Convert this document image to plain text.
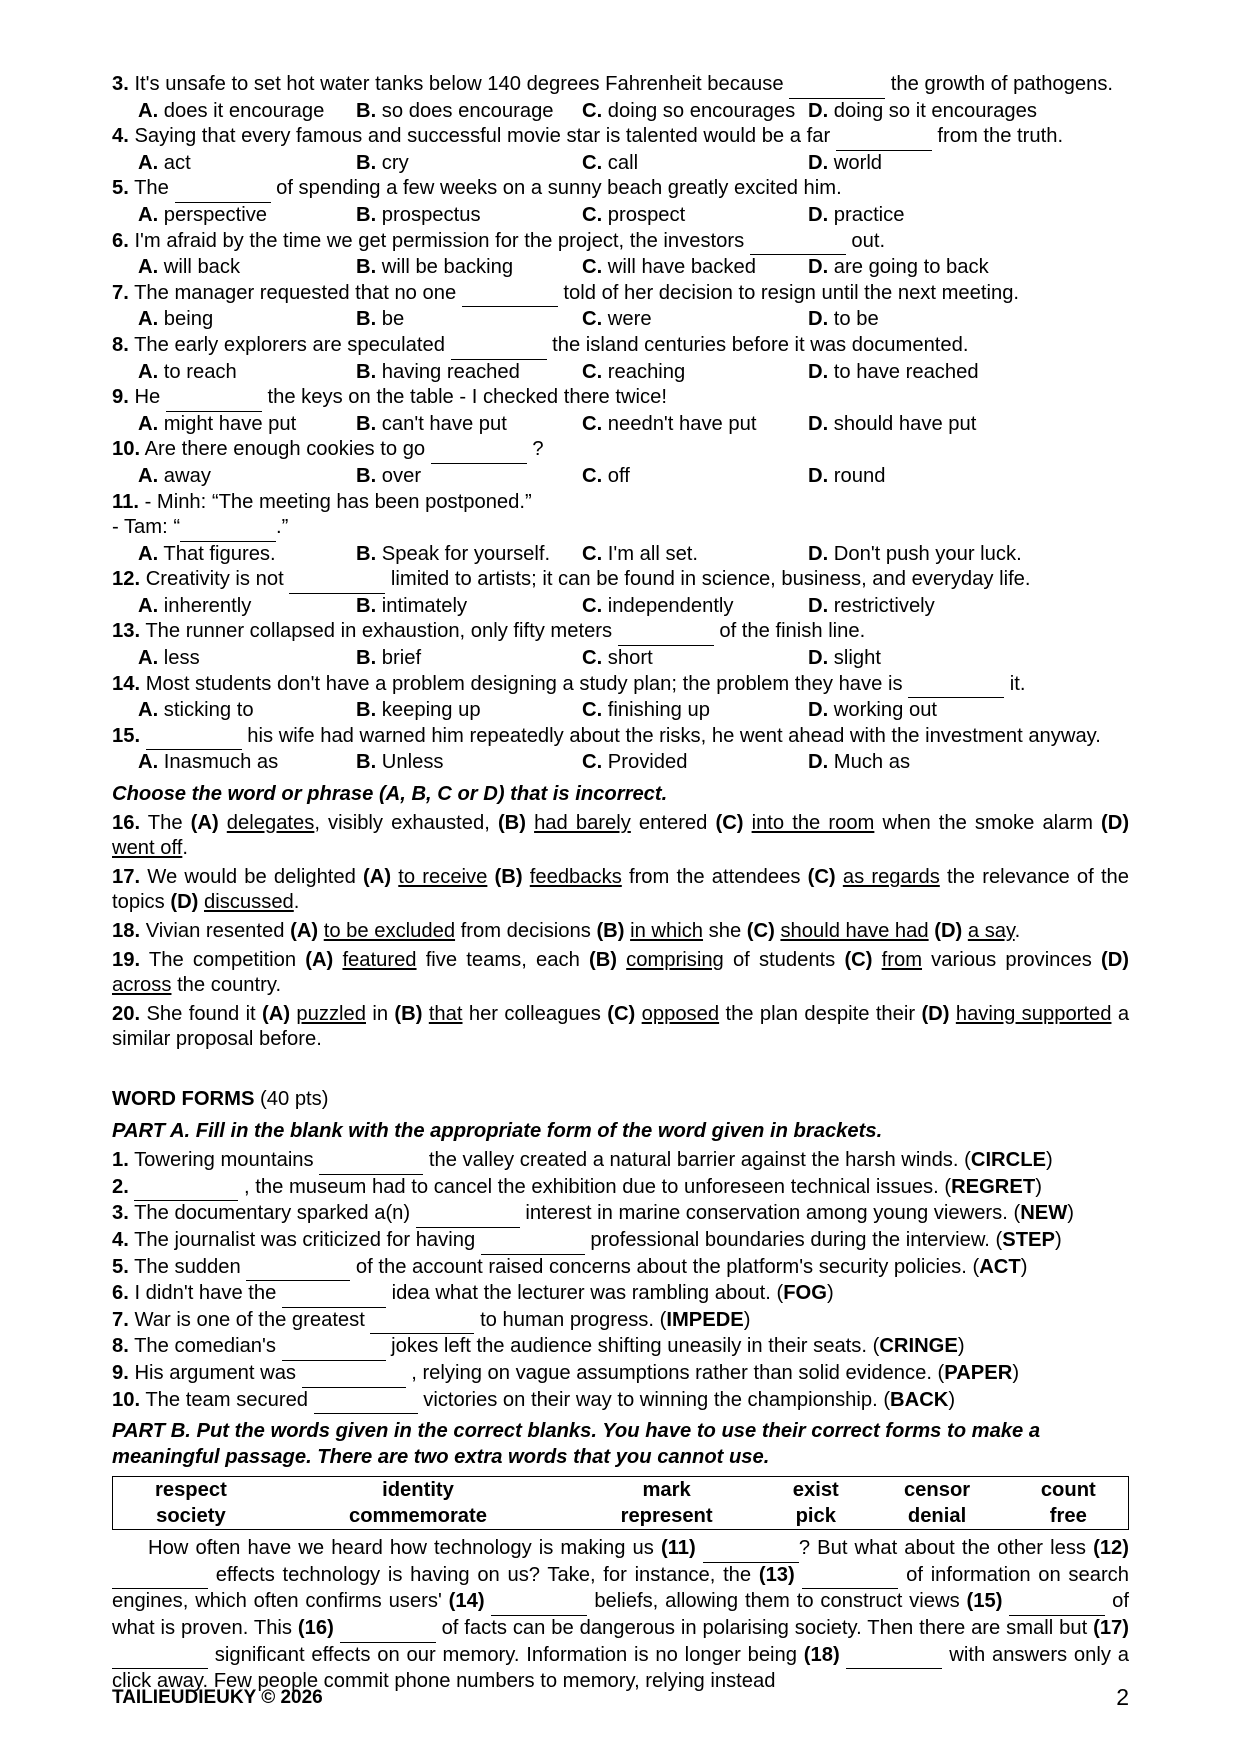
3. It's unsafe to set hot water tanks below 140 degrees Fahrenheit because	the growth of pathogens.
A. does it encourage	B. so does encourage	C. doing so encourages D. doing so it encourages
4. Saying that every famous and successful movie star is talented would be a far	from the truth.
A. act	B. cry	C. call	D. world
5. The	of spending a few weeks on a sunny beach greatly excited him.
A. perspective	B. prospectus	C. prospect	D. practice
6. I'm afraid by the time we get permission for the project, the investors	out.
A. will back	B. will be backing	C. will have backed	D. are going to back
7. The manager requested that no one	told of her decision to resign until the next meeting.
A. being	B. be	C. were	D. to be
8. The early explorers are speculated	the island centuries before it was documented.
A. to reach	B. having reached	C. reaching	D. to have reached
9. He	the keys on the table - I checked there twice!
A. might have put	B. can't have put	C. needn't have put	D. should have put
10. Are there enough cookies to go	?
A. away	B. over	C. off	D. round
11. - Minh: “The meeting has been postponed.”
- Tam: “	.”
A. That figures.	B. Speak for yourself.	C. I'm all set.	D. Don't push your luck.
12. Creativity is not	limited to artists; it can be found in science, business, and everyday life.
A. inherently	B. intimately	C. independently	D. restrictively
13. The runner collapsed in exhaustion, only fifty meters	of the finish line.
A. less	B. brief	C. short	D. slight
14. Most students don't have a problem designing a study plan; the problem they have is	it.
A. sticking to	B. keeping up	C. finishing up	D. working out
15.	his wife had warned him repeatedly about the risks, he went ahead with the investment anyway.
A. Inasmuch as	B. Unless	C. Provided	D. Much as
Choose the word or phrase (A, B, C or D) that is incorrect.
16. The (A) delegates, visibly exhausted, (B) had barely entered (C) into the room when the smoke alarm (D) went off.
17. We would be delighted (A) to receive (B) feedbacks from the attendees (C) as regards the relevance of the topics (D) discussed.
18. Vivian resented (A) to be excluded from decisions (B) in which she (C) should have had (D) a say.
19. The competition (A) featured five teams, each (B) comprising of students (C) from various provinces (D) across the country.
20. She found it (A) puzzled in (B) that her colleagues (C) opposed the plan despite their (D) having supported a similar proposal before.
WORD FORMS (40 pts)
PART A. Fill in the blank with the appropriate form of the word given in brackets.
1. Towering mountains	the valley created a natural barrier against the harsh winds. (CIRCLE)
2.	, the museum had to cancel the exhibition due to unforeseen technical issues. (REGRET)
3. The documentary sparked a(n)	interest in marine conservation among young viewers. (NEW)
4. The journalist was criticized for having	professional boundaries during the interview. (STEP)
5. The sudden	of the account raised concerns about the platform's security policies. (ACT)
6. I didn't have the	idea what the lecturer was rambling about. (FOG)
7. War is one of the greatest	to human progress. (IMPEDE)
8. The comedian's	jokes left the audience shifting uneasily in their seats. (CRINGE)
9. His argument was	, relying on vague assumptions rather than solid evidence. (PAPER)
10. The team secured	victories on their way to winning the championship. (BACK)
PART B. Put the words given in the correct blanks. You have to use their correct forms to make a meaningful passage. There are two extra words that you cannot use.
respect	identity	mark	exist	censor	count
society	commemorate	represent	pick	denial	free
How often have we heard how technology is making us (11)	? But what about the other less (12)   effects technology is having on us? Take, for instance, the (13)	of information on search engines, which often confirms users' (14)	beliefs, allowing them to construct views (15)	of what is proven. This (16)	of facts can be dangerous in polarising society. Then there are small but (17)   significant effects on our memory. Information is no longer being (18)	with answers only a click away. Few people commit phone numbers to memory, relying instead
TAILIEUDIEUKY © 2026	2
